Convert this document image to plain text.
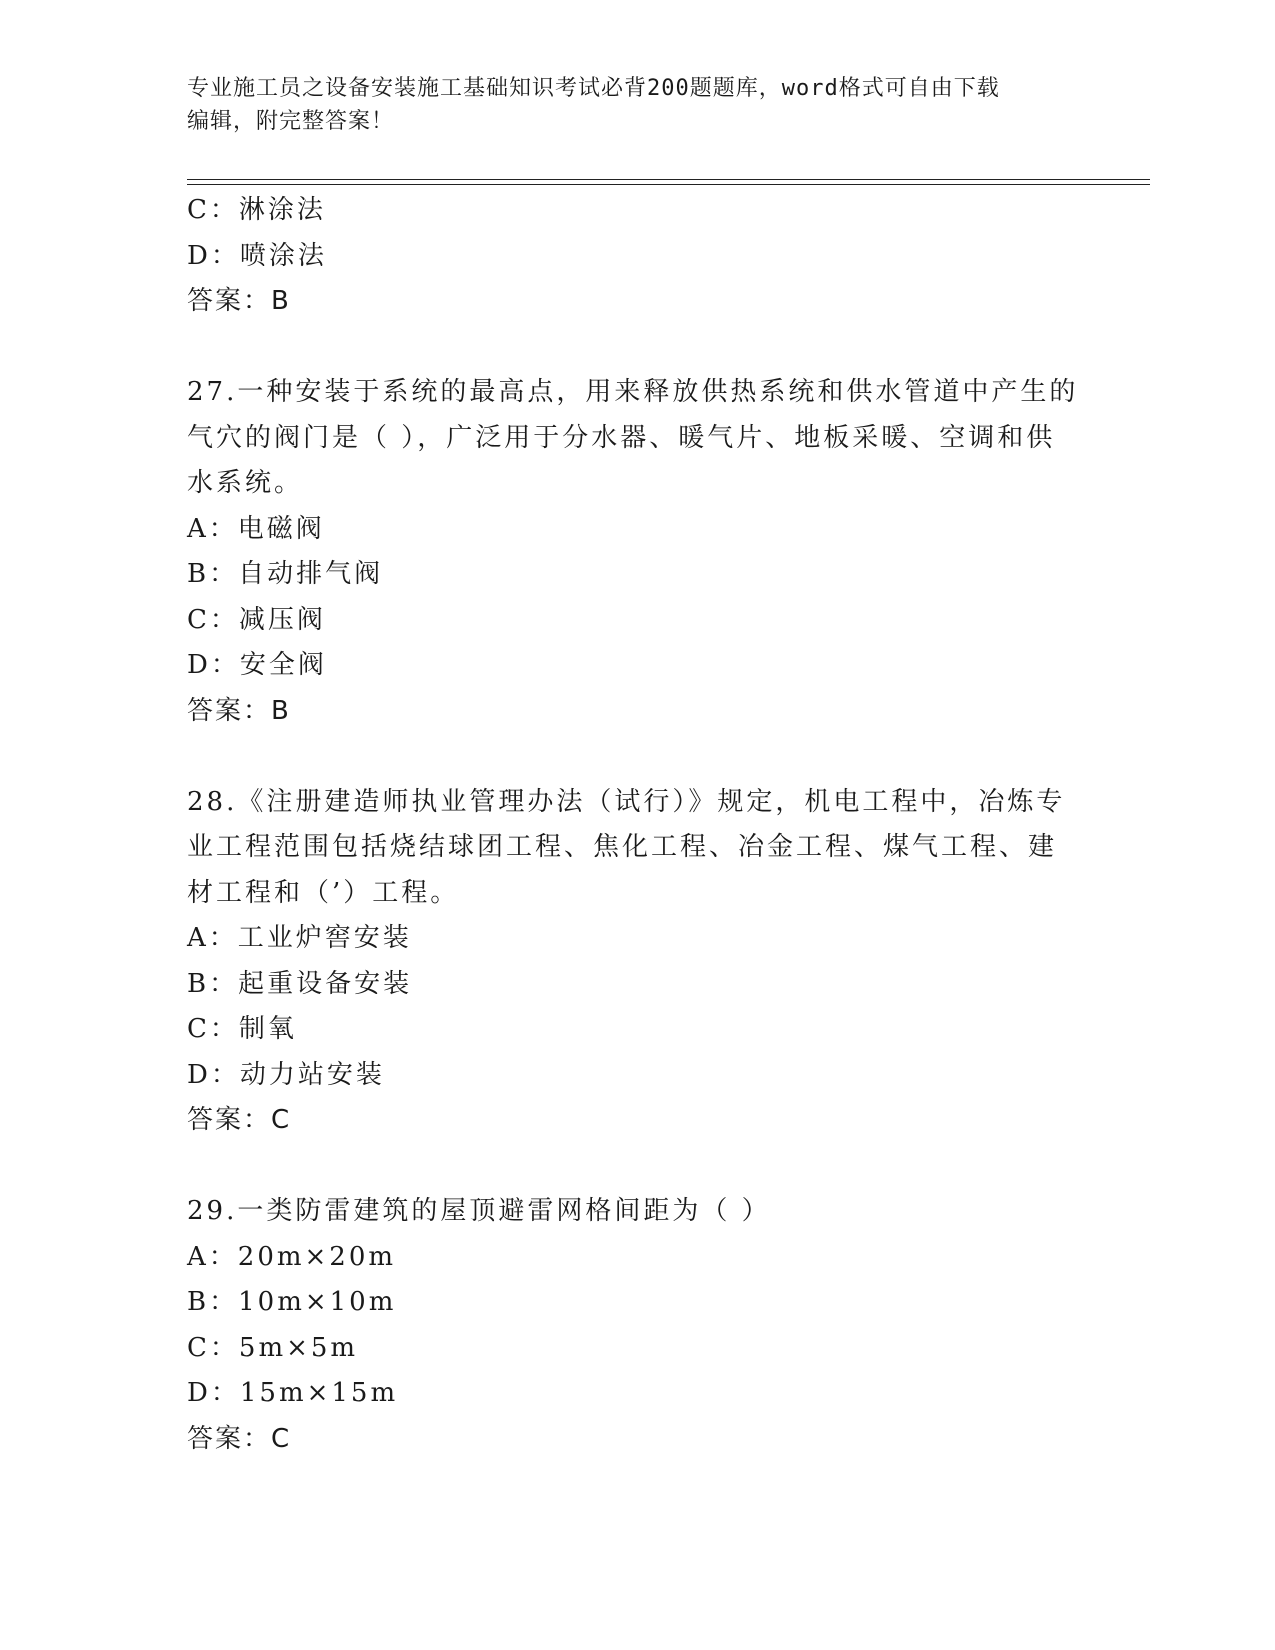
专业施工员之设备安装施工基础知识考试必背200题题库，word格式可自由下载
编辑，附完整答案！
C：淋涂法
D：喷涂法
答案：B
27.一种安装于系统的最高点，用来释放供热系统和供水管道中产生的
气穴的阀门是（ ），广泛用于分水器、暖气片、地板采暖、空调和供
水系统。
A：电磁阀
B：自动排气阀
C：减压阀
D：安全阀
答案：B
28.《注册建造师执业管理办法（试行）》规定，机电工程中，冶炼专
业工程范围包括烧结球团工程、焦化工程、冶金工程、煤气工程、建
材工程和（’）工程。
A：工业炉窖安装
B：起重设备安装
C：制氧
D：动力站安装
答案：C
29.一类防雷建筑的屋顶避雷网格间距为（ ）
A：20m×20m
B：10m×10m
C：5m×5m
D：15m×15m
答案：C
